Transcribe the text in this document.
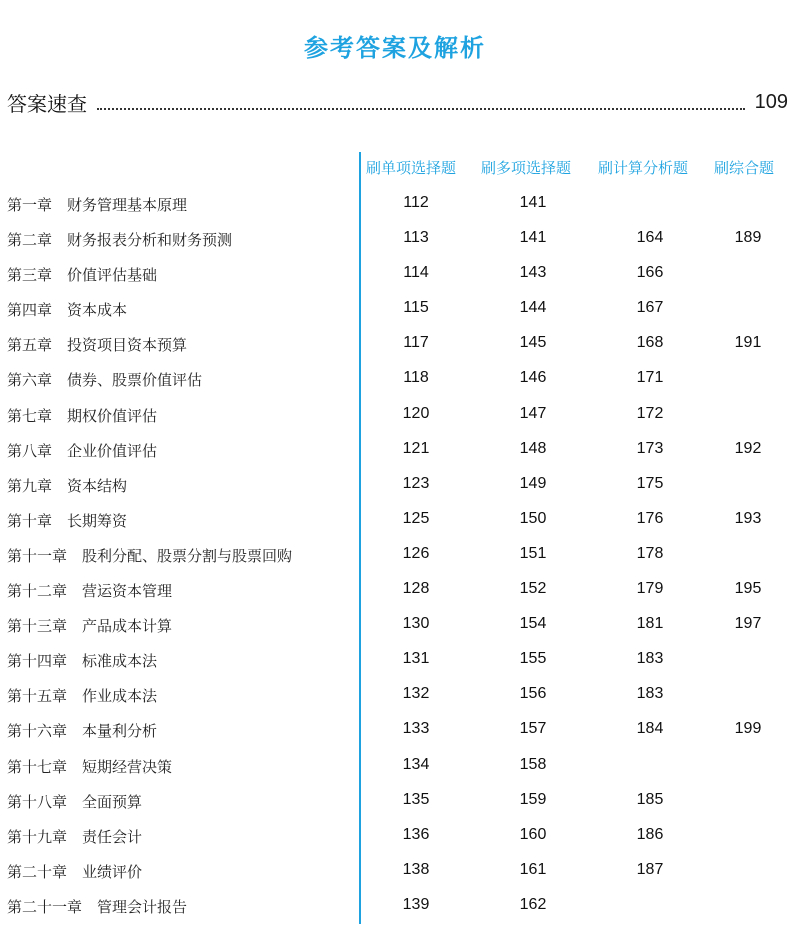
参考答案及解析
答案速查	109
刷单项选择题 刷多项选择题 刷计算分析题 刷综合题
第一章　财务管理基本原理	112	141
第二章　财务报表分析和财务预测	113	141	164	189
第三章　价值评估基础	114	143	166
第四章　资本成本	115	144	167
第五章　投资项目资本预算	117	145	168	191
第六章　债券、股票价值评估	118	146	171
第七章　期权价值评估	120	147	172
第八章　企业价值评估	121	148	173	192
第九章　资本结构	123	149	175
第十章　长期筹资	125	150	176	193
第十一章　股利分配、股票分割与股票回购	126	151	178
第十二章　营运资本管理	128	152	179	195
第十三章　产品成本计算	130	154	181	197
第十四章　标准成本法	131	155	183
第十五章　作业成本法	132	156	183
第十六章　本量利分析	133	157	184	199
第十七章　短期经营决策	134	158
第十八章　全面预算	135	159	185
第十九章　责任会计	136	160	186
第二十章　业绩评价	138	161	187
第二十一章　管理会计报告	139	162
